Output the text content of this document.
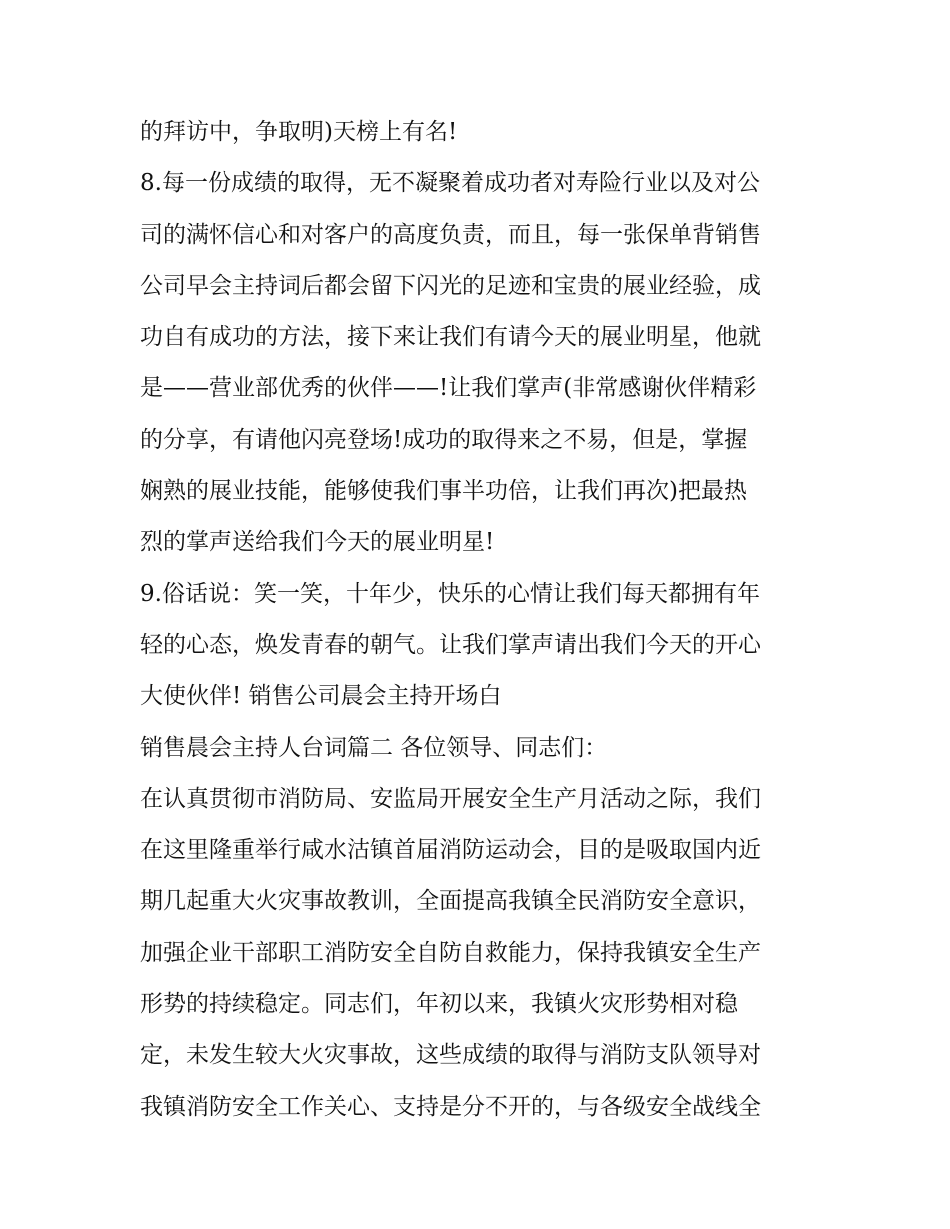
的拜访中，争取明)天榜上有名!
8.每一份成绩的取得，无不凝聚着成功者对寿险行业以及对公
司的满怀信心和对客户的高度负责，而且，每一张保单背销售
公司早会主持词后都会留下闪光的足迹和宝贵的展业经验，成
功自有成功的方法，接下来让我们有请今天的展业明星，他就
是——营业部优秀的伙伴——!让我们掌声(非常感谢伙伴精彩
的分享，有请他闪亮登场!成功的取得来之不易，但是，掌握
娴熟的展业技能，能够使我们事半功倍，让我们再次)把最热
烈的掌声送给我们今天的展业明星!
9.俗话说：笑一笑，十年少，快乐的心情让我们每天都拥有年
轻的心态，焕发青春的朝气。让我们掌声请出我们今天的开心
大使伙伴! 销售公司晨会主持开场白
销售晨会主持人台词篇二 各位领导、同志们：
在认真贯彻市消防局、安监局开展安全生产月活动之际，我们
在这里隆重举行咸水沽镇首届消防运动会，目的是吸取国内近
期几起重大火灾事故教训，全面提高我镇全民消防安全意识，
加强企业干部职工消防安全自防自救能力，保持我镇安全生产
形势的持续稳定。同志们，年初以来，我镇火灾形势相对稳
定，未发生较大火灾事故，这些成绩的取得与消防支队领导对
我镇消防安全工作关心、支持是分不开的，与各级安全战线全
